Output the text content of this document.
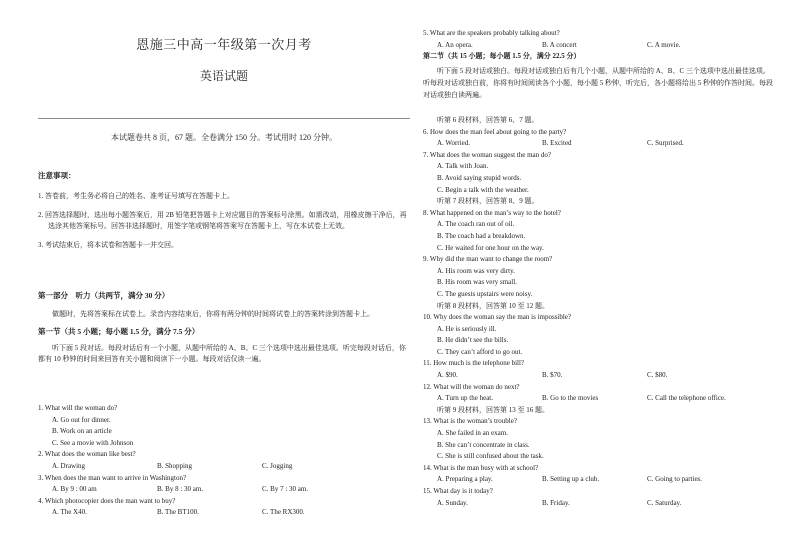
恩施三中高一年级第一次月考
英语试题
本试题卷共 8 页，67 题。全卷满分 150 分。考试用时 120 分钟。
注意事项：
1. 答卷前，考生务必将自己的姓名、准考证号填写在答题卡上。
2. 回答选择题时，选出每小题答案后，用 2B 铅笔把答题卡上对应题目的答案标号涂黑。如需改动，用橡皮擦干净后，再选涂其他答案标号。回答非选择题时，用签字笔或钢笔将答案写在答题卡上，写在本试卷上无效。
3. 考试结束后，将本试卷和答题卡一并交回。
第一部分　听力（共两节，满分 30 分）
做题时，先将答案标在试卷上。录音内容结束后，你将有两分钟的时间将试卷上的答案转涂到答题卡上。
第一节（共 5 小题；每小题 1.5 分，满分 7.5 分）
听下面 5 段对话。每段对话后有一个小题，从题中所给的 A、B、C 三个选项中选出最佳选项。听完每段对话后，你都有 10 秒钟的时间来回答有关小题和阅读下一小题。每段对话仅读一遍。
1. What will the woman do?
A. Go out for dinner.
B. Work on an article
C. See a movie with Johnson
2. What does the woman like best?
A. Drawing	B. Shopping	C. Jogging
3. When does the man want to arrive in Washington?
A. By 9 : 00 am	B. By 8 : 30 am.	C. By 7 : 30 am.
4. Which photocopier does the man want to buy?
A. The X40.	B. The BT100.	C. The RX300.
5. What are the speakers probably talking about?
A. An opera.	B. A concert	C. A movie.
第二节（共 15 小题；每小题 1.5 分，满分 22.5 分）
听下面 5 段对话或独白。每段对话或独白后有几个小题，从题中所给的 A、B、C 三个选项中选出最佳选项。听每段对话或独白前，你将有时间阅读各个小题，每小题 5 秒钟，听完后，各小题将给出 5 秒钟的作答时间。每段对话或独白读两遍。
听第 6 段材料，回答第 6、7 题。
6. How does the man feel about going to the party?
A. Worried.	B. Excited	C. Surprised.
7. What does the woman suggest the man do?
A. Talk with Joan.
B. Avoid saying stupid words.
C. Begin a talk with the weather.
听第 7 段材料，回答第 8、9 题。
8. What happened on the man’s way to the hotel?
A. The coach ran out of oil.
B. The coach had a breakdown.
C. He waited for one hour on the way.
9. Why did the man want to change the room?
A. His room was very dirty.
B. His room was very small.
C. The guests upstairs were noisy.
听第 8 段材料，回答第 10 至 12 题。
10. Why does the woman say the man is impossible?
A. He is seriously ill.
B. He didn’t see the bills.
C. They can’t afford to go out.
11. How much is the telephone bill?
A. $90.	B. $70.	C. $80.
12. What will the woman do next?
A. Turn up the heat.	B. Go to the movies	C. Call the telephone office.
听第 9 段材料，回答第 13 至 16 题。
13. What is the woman’s trouble?
A. She failed in an exam.
B. She can’t concentrate in class.
C. She is still confused about the task.
14. What is the man busy with at school?
A. Preparing a play.	B. Setting up a club.	C. Going to parties.
15. What day is it today?
A. Sunday.	B. Friday.	C. Saturday.
